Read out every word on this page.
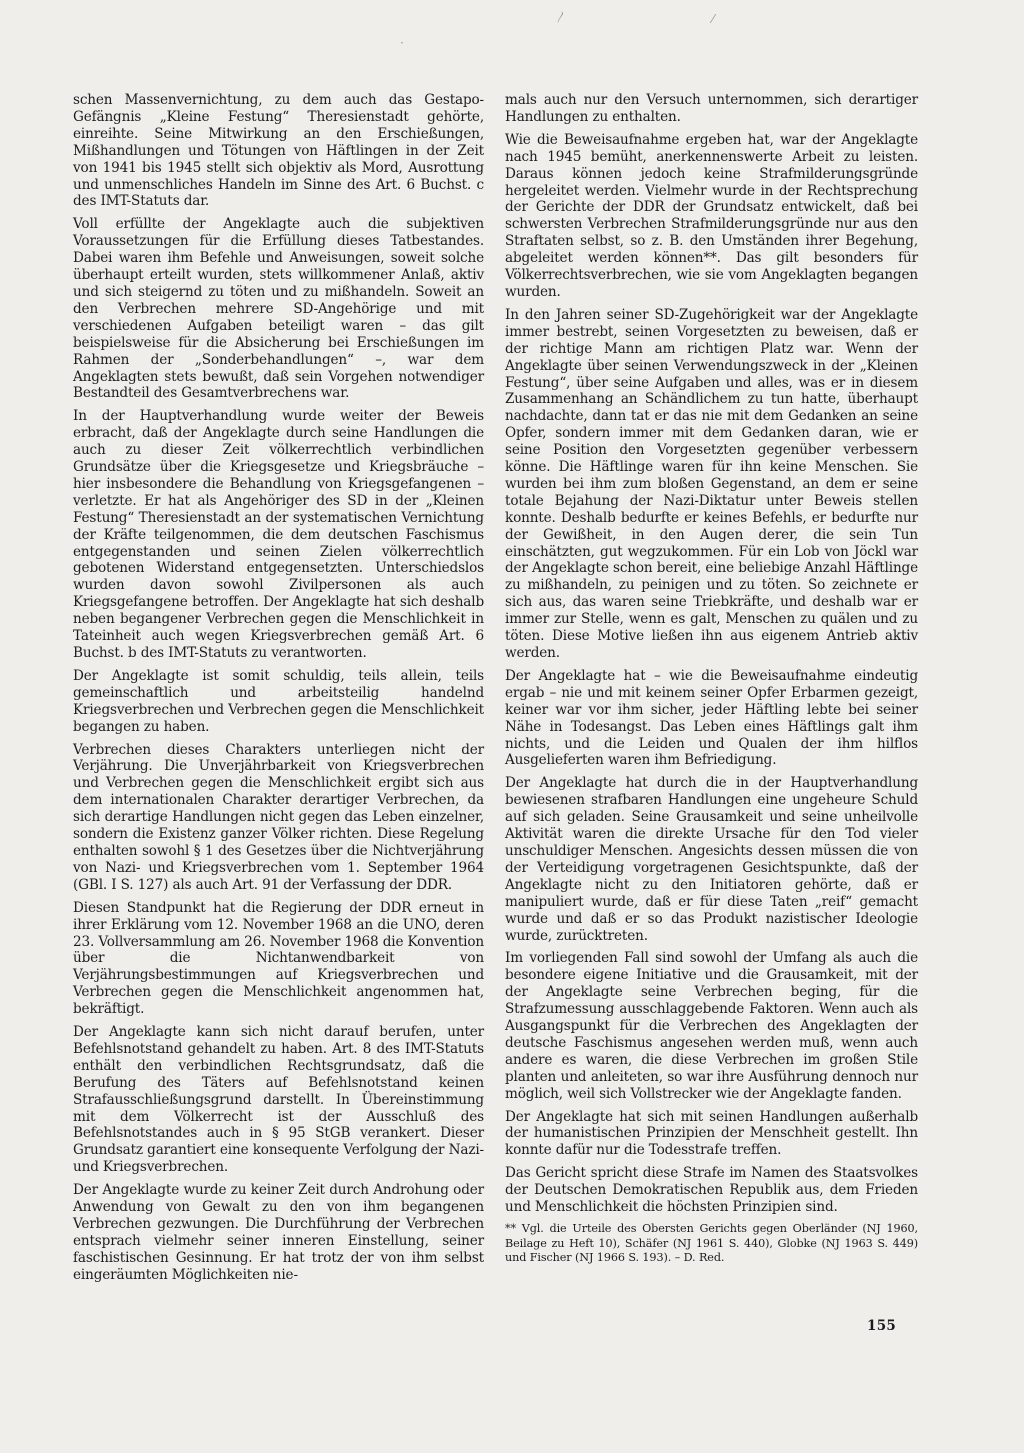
〳	⁄
·

schen Massenvernichtung, zu dem auch das Gestapo-Gefängnis „Kleine Festung“ Theresienstadt gehörte, einreihte. Seine Mitwirkung an den Erschießungen, Mißhandlungen und Tötungen von Häftlingen in der Zeit von 1941 bis 1945 stellt sich objektiv als Mord, Ausrottung und unmenschliches Handeln im Sinne des Art. 6 Buchst. c des IMT-Statuts dar.

Voll erfüllte der Angeklagte auch die subjektiven Voraussetzungen für die Erfüllung dieses Tatbestandes. Dabei waren ihm Befehle und Anweisungen, soweit solche überhaupt erteilt wurden, stets willkommener Anlaß, aktiv und sich steigernd zu töten und zu mißhandeln. Soweit an den Verbrechen mehrere SD-Angehörige und mit verschiedenen Aufgaben beteiligt waren – das gilt beispielsweise für die Absicherung bei Erschießungen im Rahmen der „Sonderbehandlungen“ –, war dem Angeklagten stets bewußt, daß sein Vorgehen notwendiger Bestandteil des Gesamtverbrechens war.

In der Hauptverhandlung wurde weiter der Beweis erbracht, daß der Angeklagte durch seine Handlungen die auch zu dieser Zeit völkerrechtlich verbindlichen Grundsätze über die Kriegsgesetze und Kriegsbräuche – hier insbesondere die Behandlung von Kriegsgefangenen – verletzte. Er hat als Angehöriger des SD in der „Kleinen Festung“ Theresienstadt an der systematischen Vernichtung der Kräfte teilgenommen, die dem deutschen Faschismus entgegenstanden und seinen Zielen völkerrechtlich gebotenen Widerstand entgegensetzten. Unterschiedslos wurden davon sowohl Zivilpersonen als auch Kriegsgefangene betroffen. Der Angeklagte hat sich deshalb neben begangener Verbrechen gegen die Menschlichkeit in Tateinheit auch wegen Kriegsverbrechen gemäß Art. 6 Buchst. b des IMT-Statuts zu verantworten.

Der Angeklagte ist somit schuldig, teils allein, teils gemeinschaftlich und arbeitsteilig handelnd Kriegsverbrechen und Verbrechen gegen die Menschlichkeit begangen zu haben.

Verbrechen dieses Charakters unterliegen nicht der Verjährung. Die Unverjährbarkeit von Kriegsverbrechen und Verbrechen gegen die Menschlichkeit ergibt sich aus dem internationalen Charakter derartiger Verbrechen, da sich derartige Handlungen nicht gegen das Leben einzelner, sondern die Existenz ganzer Völker richten. Diese Regelung enthalten sowohl § 1 des Gesetzes über die Nichtverjährung von Nazi- und Kriegsverbrechen vom 1. September 1964 (GBl. I S. 127) als auch Art. 91 der Verfassung der DDR.

Diesen Standpunkt hat die Regierung der DDR erneut in ihrer Erklärung vom 12. November 1968 an die UNO, deren 23. Vollversammlung am 26. November 1968 die Konvention über die Nichtanwendbarkeit von Verjährungsbestimmungen auf Kriegsverbrechen und Verbrechen gegen die Menschlichkeit angenommen hat, bekräftigt.

Der Angeklagte kann sich nicht darauf berufen, unter Befehlsnotstand gehandelt zu haben. Art. 8 des IMT-Statuts enthält den verbindlichen Rechtsgrundsatz, daß die Berufung des Täters auf Befehlsnotstand keinen Strafausschließungsgrund darstellt. In Übereinstimmung mit dem Völkerrecht ist der Ausschluß des Befehlsnotstandes auch in § 95 StGB verankert. Dieser Grundsatz garantiert eine konsequente Verfolgung der Nazi- und Kriegsverbrechen.

Der Angeklagte wurde zu keiner Zeit durch Androhung oder Anwendung von Gewalt zu den von ihm begangenen Verbrechen gezwungen. Die Durchführung der Verbrechen entsprach vielmehr seiner inneren Einstellung, seiner faschistischen Gesinnung. Er hat trotz der von ihm selbst eingeräumten Möglichkeiten nie-

mals auch nur den Versuch unternommen, sich derartiger Handlungen zu enthalten.

Wie die Beweisaufnahme ergeben hat, war der Angeklagte nach 1945 bemüht, anerkennenswerte Arbeit zu leisten. Daraus können jedoch keine Strafmilderungsgründe hergeleitet werden. Vielmehr wurde in der Rechtsprechung der Gerichte der DDR der Grundsatz entwickelt, daß bei schwersten Verbrechen Strafmilderungsgründe nur aus den Straftaten selbst, so z. B. den Umständen ihrer Begehung, abgeleitet werden können**. Das gilt besonders für Völkerrechtsverbrechen, wie sie vom Angeklagten begangen wurden.

In den Jahren seiner SD-Zugehörigkeit war der Angeklagte immer bestrebt, seinen Vorgesetzten zu beweisen, daß er der richtige Mann am richtigen Platz war. Wenn der Angeklagte über seinen Verwendungszweck in der „Kleinen Festung“, über seine Aufgaben und alles, was er in diesem Zusammenhang an Schändlichem zu tun hatte, überhaupt nachdachte, dann tat er das nie mit dem Gedanken an seine Opfer, sondern immer mit dem Gedanken daran, wie er seine Position den Vorgesetzten gegenüber verbessern könne. Die Häftlinge waren für ihn keine Menschen. Sie wurden bei ihm zum bloßen Gegenstand, an dem er seine totale Bejahung der Nazi-Diktatur unter Beweis stellen konnte. Deshalb bedurfte er keines Befehls, er bedurfte nur der Gewißheit, in den Augen derer, die sein Tun einschätzten, gut wegzukommen. Für ein Lob von Jöckl war der Angeklagte schon bereit, eine beliebige Anzahl Häftlinge zu mißhandeln, zu peinigen und zu töten. So zeichnete er sich aus, das waren seine Triebkräfte, und deshalb war er immer zur Stelle, wenn es galt, Menschen zu quälen und zu töten. Diese Motive ließen ihn aus eigenem Antrieb aktiv werden.

Der Angeklagte hat – wie die Beweisaufnahme eindeutig ergab – nie und mit keinem seiner Opfer Erbarmen gezeigt, keiner war vor ihm sicher, jeder Häftling lebte bei seiner Nähe in Todesangst. Das Leben eines Häftlings galt ihm nichts, und die Leiden und Qualen der ihm hilflos Ausgelieferten waren ihm Befriedigung.

Der Angeklagte hat durch die in der Hauptverhandlung bewiesenen strafbaren Handlungen eine ungeheure Schuld auf sich geladen. Seine Grausamkeit und seine unheilvolle Aktivität waren die direkte Ursache für den Tod vieler unschuldiger Menschen. Angesichts dessen müssen die von der Verteidigung vorgetragenen Gesichtspunkte, daß der Angeklagte nicht zu den Initiatoren gehörte, daß er manipuliert wurde, daß er für diese Taten „reif“ gemacht wurde und daß er so das Produkt nazistischer Ideologie wurde, zurücktreten.

Im vorliegenden Fall sind sowohl der Umfang als auch die besondere eigene Initiative und die Grausamkeit, mit der der Angeklagte seine Verbrechen beging, für die Strafzumessung ausschlaggebende Faktoren. Wenn auch als Ausgangspunkt für die Verbrechen des Angeklagten der deutsche Faschismus angesehen werden muß, wenn auch andere es waren, die diese Verbrechen im großen Stile planten und anleiteten, so war ihre Ausführung dennoch nur möglich, weil sich Vollstrecker wie der Angeklagte fanden.

Der Angeklagte hat sich mit seinen Handlungen außerhalb der humanistischen Prinzipien der Menschheit gestellt. Ihn konnte dafür nur die Todesstrafe treffen.

Das Gericht spricht diese Strafe im Namen des Staatsvolkes der Deutschen Demokratischen Republik aus, dem Frieden und Menschlichkeit die höchsten Prinzipien sind.

** Vgl. die Urteile des Obersten Gerichts gegen Oberländer (NJ 1960, Beilage zu Heft 10), Schäfer (NJ 1961 S. 440), Globke (NJ 1963 S. 449) und Fischer (NJ 1966 S. 193). – D. Red.

155
